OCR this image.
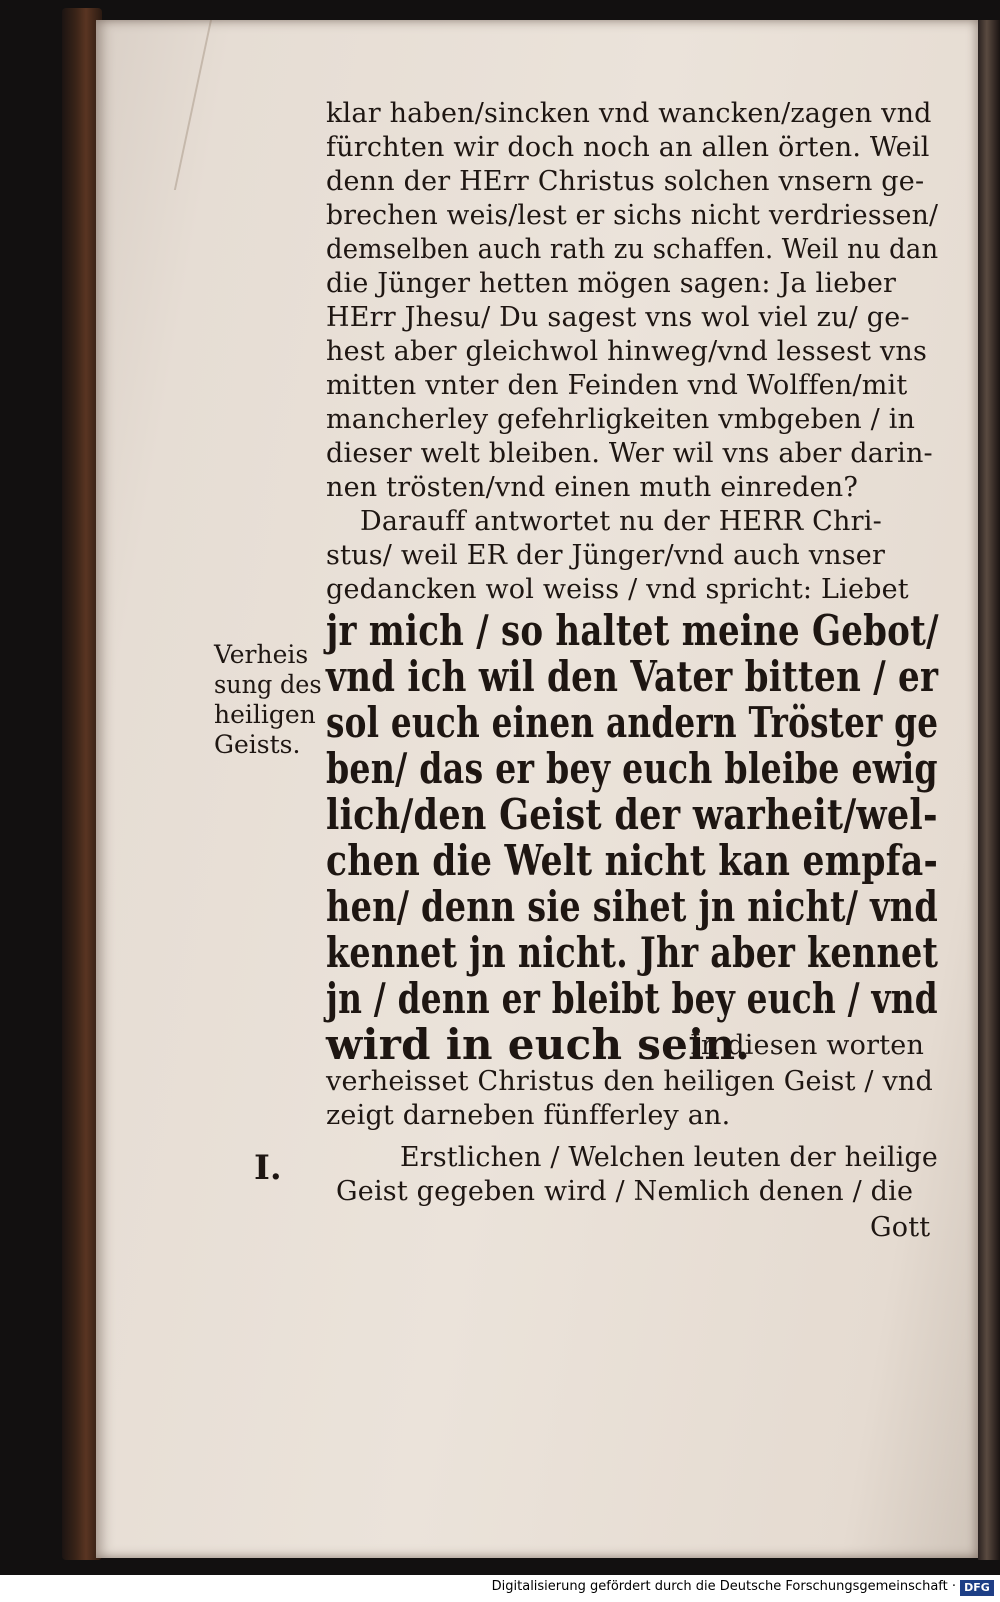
klar haben/sincken vnd wancken/zagen vnd
fürchten wir doch noch an allen örten. Weil
denn der HErr Christus solchen vnsern ge-
brechen weis/lest er sichs nicht verdriessen/
demselben auch rath zu schaffen. Weil nu dan
die Jünger hetten mögen sagen: Ja lieber
HErr Jhesu/ Du sagest vns wol viel zu/ ge-
hest aber gleichwol hinweg/vnd lessest vns
mitten vnter den Feinden vnd Wolffen/mit
mancherley gefehrligkeiten vmbgeben / in
dieser welt bleiben. Wer wil vns aber darin-
nen trösten/vnd einen muth einreden?
Darauff antwortet nu der HERR Chri-
stus/ weil ER der Jünger/vnd auch vnser
gedancken wol weiss / vnd spricht: Liebet
jr mich / so haltet meine Gebot/
vnd ich wil den Vater bitten / er
sol euch einen andern Tröster ge
ben/ das er bey euch bleibe ewig
lich/den Geist der warheit/wel-
chen die Welt nicht kan empfa-
hen/ denn sie sihet jn nicht/ vnd
kennet jn nicht. Jhr aber kennet
jn / denn er bleibt bey euch / vnd
wird in euch sein.
In diesen worten
verheisset Christus den heiligen Geist / vnd
zeigt darneben fünfferley an.
Erstlichen / Welchen leuten der heilige
Geist gegeben wird / Nemlich denen / die
Gott
Verheis
sung des
heiligen
Geists.
I.
Digitalisierung gefördert durch die Deutsche Forschungsgemeinschaft · DFG
